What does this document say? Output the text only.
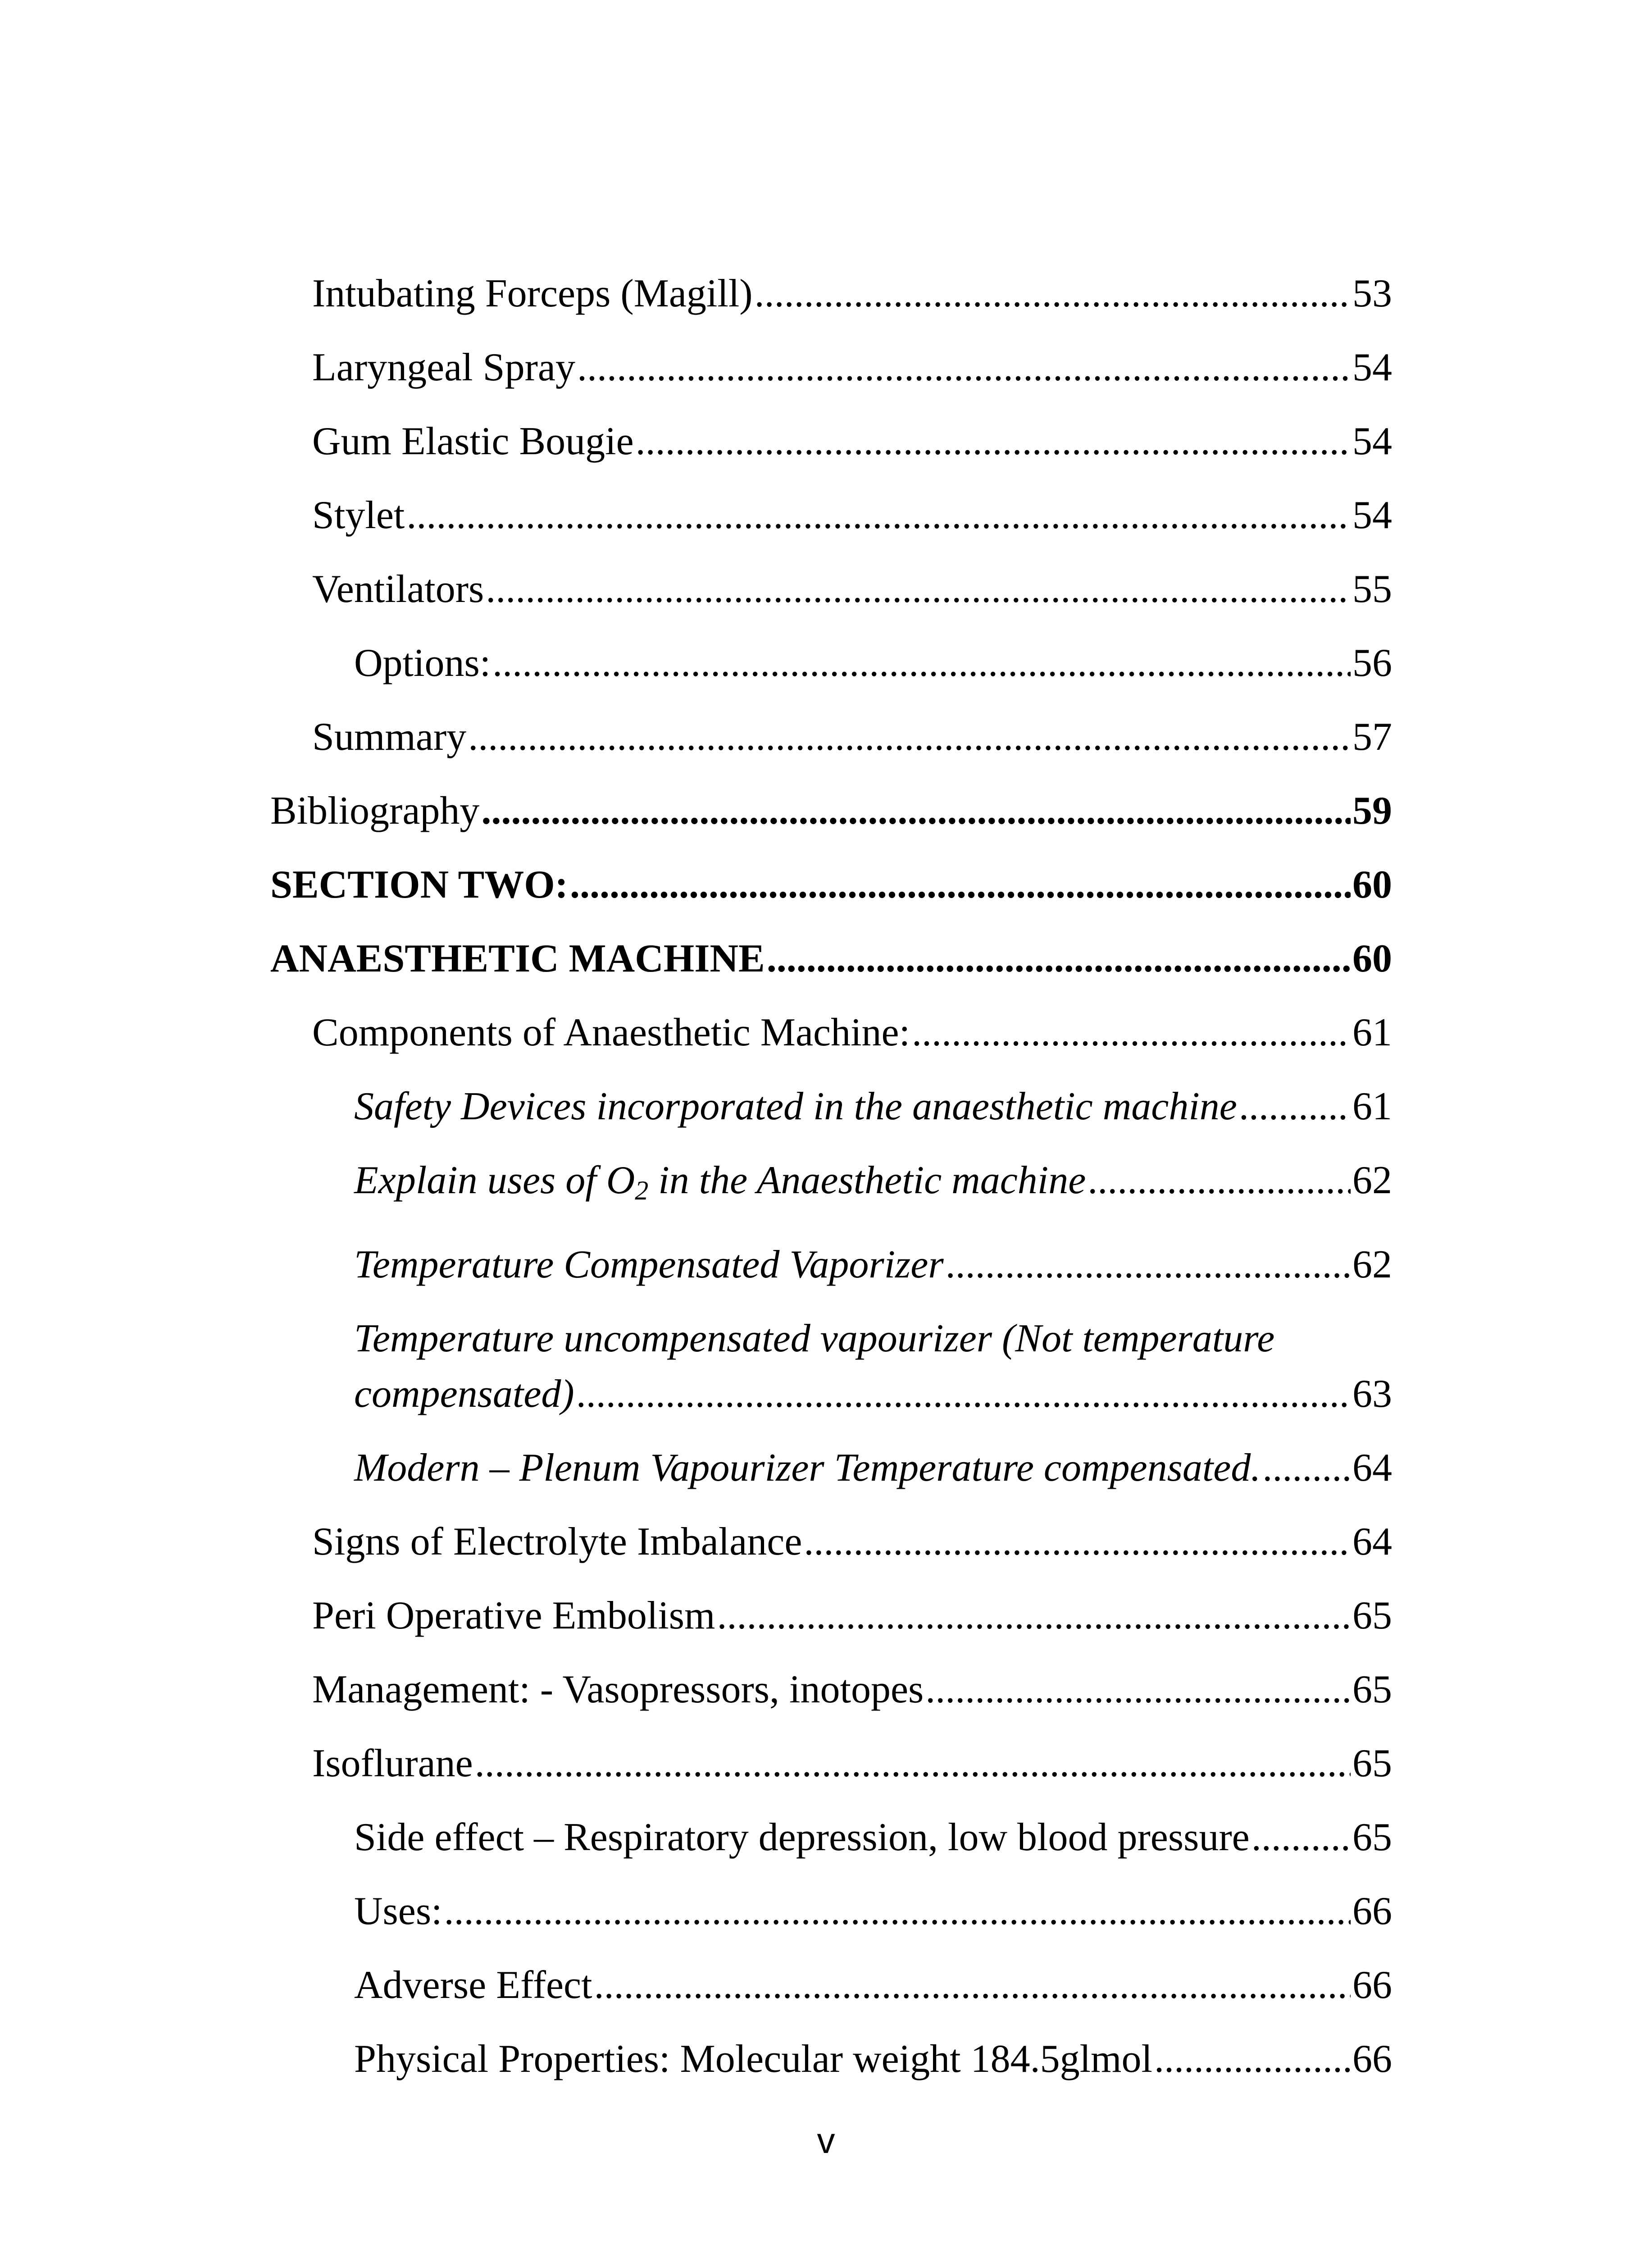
Intubating Forceps (Magill) .....	53
Laryngeal Spray .....	54
Gum Elastic Bougie .....	54
Stylet .....	54
Ventilators .....	55
Options: .....	56
Summary .....	57
Bibliography .....	59
SECTION TWO: .....	60
ANAESTHETIC MACHINE .....	60
Components of Anaesthetic Machine: .....	61
Safety Devices incorporated in the anaesthetic machine .....	61
Explain uses of $O_2$ in the Anaesthetic machine .....	62
Temperature Compensated Vaporizer .....	62
Temperature uncompensated vapourizer (Not temperature
compensated) .....	63
Modern – Plenum Vapourizer Temperature compensated. ..... 64
Signs of Electrolyte Imbalance .....	64
Peri Operative Embolism .....	65
Management: - Vasopressors, inotopes .....	65
Isoflurane .....	65
Side effect – Respiratory depression, low blood pressure .....	65
Uses: .....	66
Adverse Effect .....	66
Physical Properties: Molecular weight 184.5glmol .....	66
v
